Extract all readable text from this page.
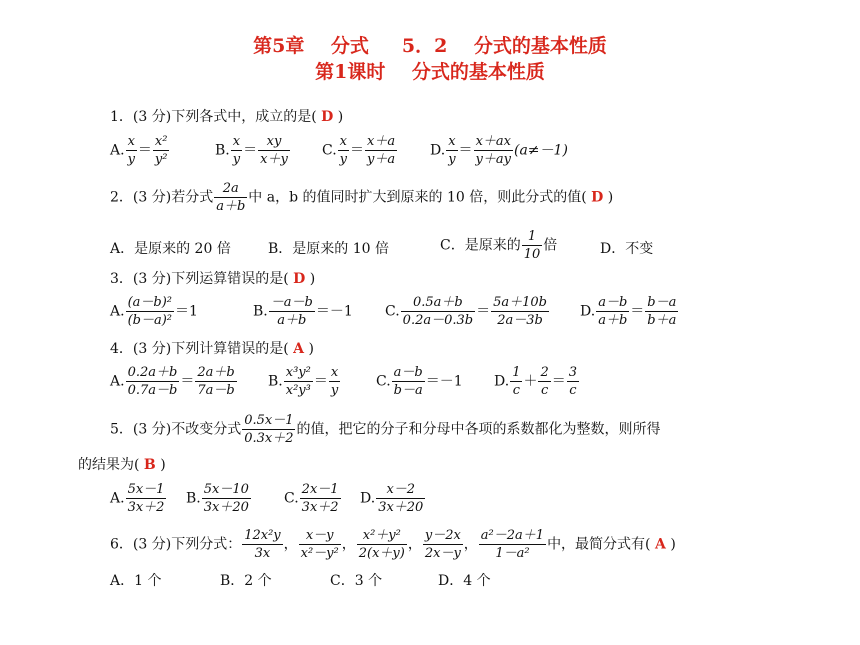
第5章    分式     5．2    分式的基本性质
第1课时    分式的基本性质
1．(3 分)下列各式中，成立的是( D )
A. $\frac{x}{y} = \frac{\text{x²}}{\text{y²}}$	B. $\frac{x}{y} = \frac{xy}{x+y} C$. $\frac{x}{y} = \frac{x+a}{y+a} D$. $\frac{x}{y} = \frac{x+ax}{y+ay} (a\ne-1)$
2．(3 分)若分式 $\frac{2a}{a+b}$ 中 a，b 的值同时扩大到原来的 10 倍，则此分式的值( D )
A．是原来的 20 倍	B．是原来的 10 倍	C．是原来的 $\frac{1}{10}$ 倍	D．不变
3．(3 分)下列运算错误的是( D )
A. $\frac{\text{(a－b)²}}{\text{(b－a)²}} =1$	B. $\frac{-a-b}{a+b} =-1$ C. $\frac{0.5a+b}{0.2a-0.3b} = \frac{5a+10b}{2a-3b} D$. $\frac{a-b}{a+b} = \frac{b-a}{b+a}$
4．(3 分)下列计算错误的是( A )
A. $\frac{0.2a+b}{0.7a-b} = \frac{2a+b}{7a-b} B$. $\frac{\text{x³y²}}{\text{x²y³}} = \frac{x}{y}$	C. $\frac{a-b}{b-a} =-1$ D. $\frac{1}{c} + \frac{2}{c} = \frac{3}{c}$
5．(3 分)不改变分式 $\frac{0.5x-1}{0.3x+2}$ 的值，把它的分子和分母中各项的系数都化为整数，则所得
的结果为( B )
A. $\frac{5x-1}{3x+2} B$. $\frac{5x-10}{3x+20} C$. $\frac{2x-1}{3x+2} D$. $\frac{x-2}{3x+20}$
6．(3 分)下列分式： $\frac{\text{12x²y}}{3x}$ ， $\frac{x-y}{\text{x²－y²}}$ ， $\frac{\text{x²＋y²}}{2(x+y)}$ ， $\frac{y-2x}{2x-y}$ ， $\frac{\text{a²－2a＋1}}{\text{1－a²}}$ 中，最简分式有( A )
A．1 个	B．2 个	C．3 个	D．4 个
